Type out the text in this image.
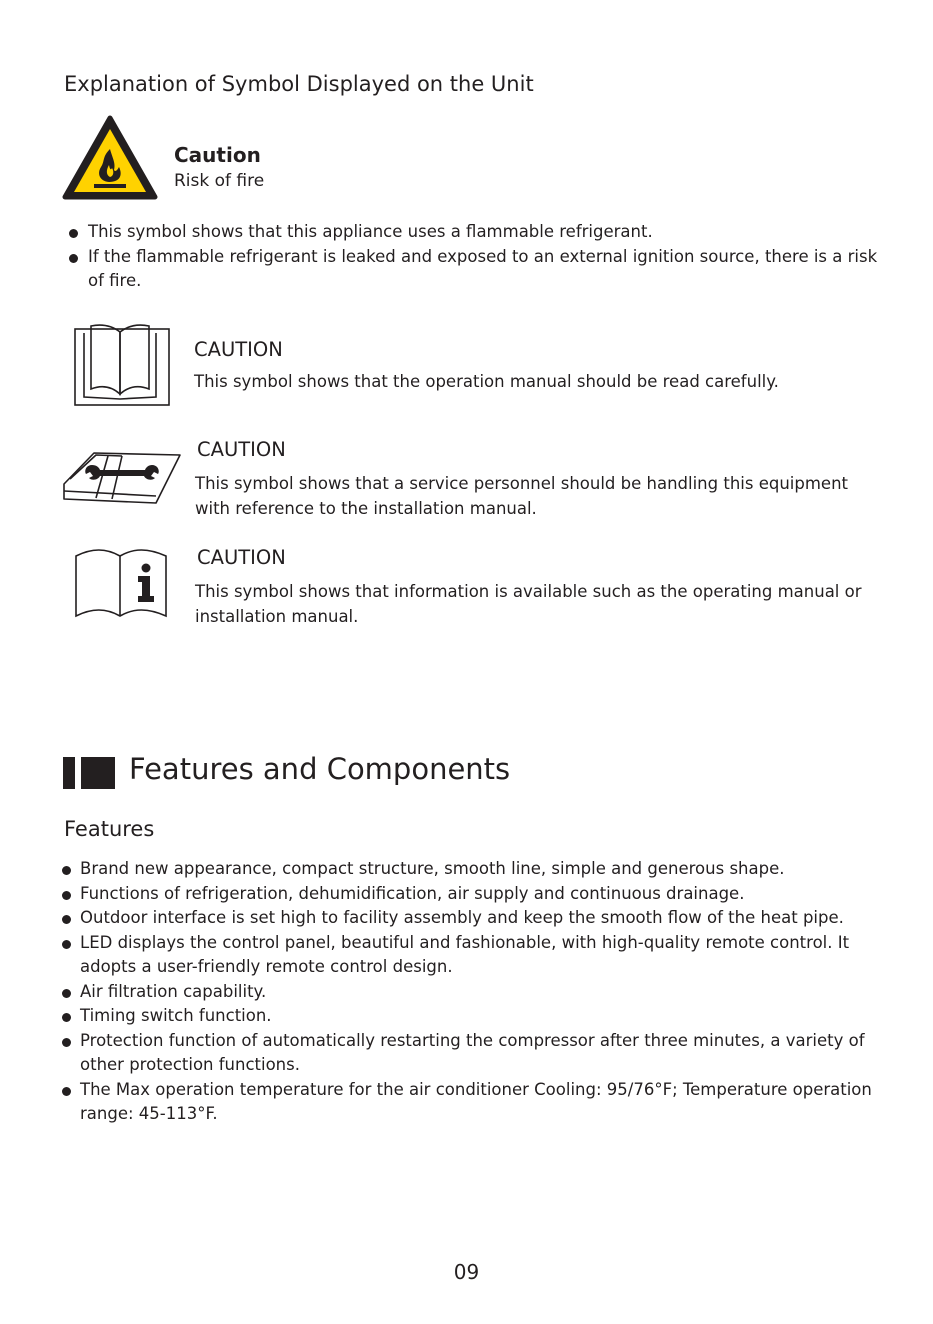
Explanation of Symbol Displayed on the Unit
Caution
Risk of fire
This symbol shows that this appliance uses a flammable refrigerant.
If the flammable refrigerant is leaked and exposed to an external ignition source, there is a risk of fire.
CAUTION
This symbol shows that the operation manual should be read carefully.
CAUTION
This symbol shows that a service personnel should be handling this equipment with reference to the installation manual.
CAUTION
This symbol shows that information is available such as the operating manual or installation manual.
Features and Components
Features
Brand new appearance, compact structure, smooth line, simple and generous shape.
Functions of refrigeration, dehumidification, air supply and continuous drainage.
Outdoor interface is set high to facility assembly and keep the smooth flow of the heat pipe.
LED displays the control panel, beautiful and fashionable, with high-quality remote control. It adopts a user-friendly remote control design.
Air filtration capability.
Timing switch function.
Protection function of automatically restarting the compressor after three minutes, a variety of other protection functions.
The Max operation temperature for the air conditioner Cooling: 95/76°F; Temperature operation range: 45-113°F.
09
